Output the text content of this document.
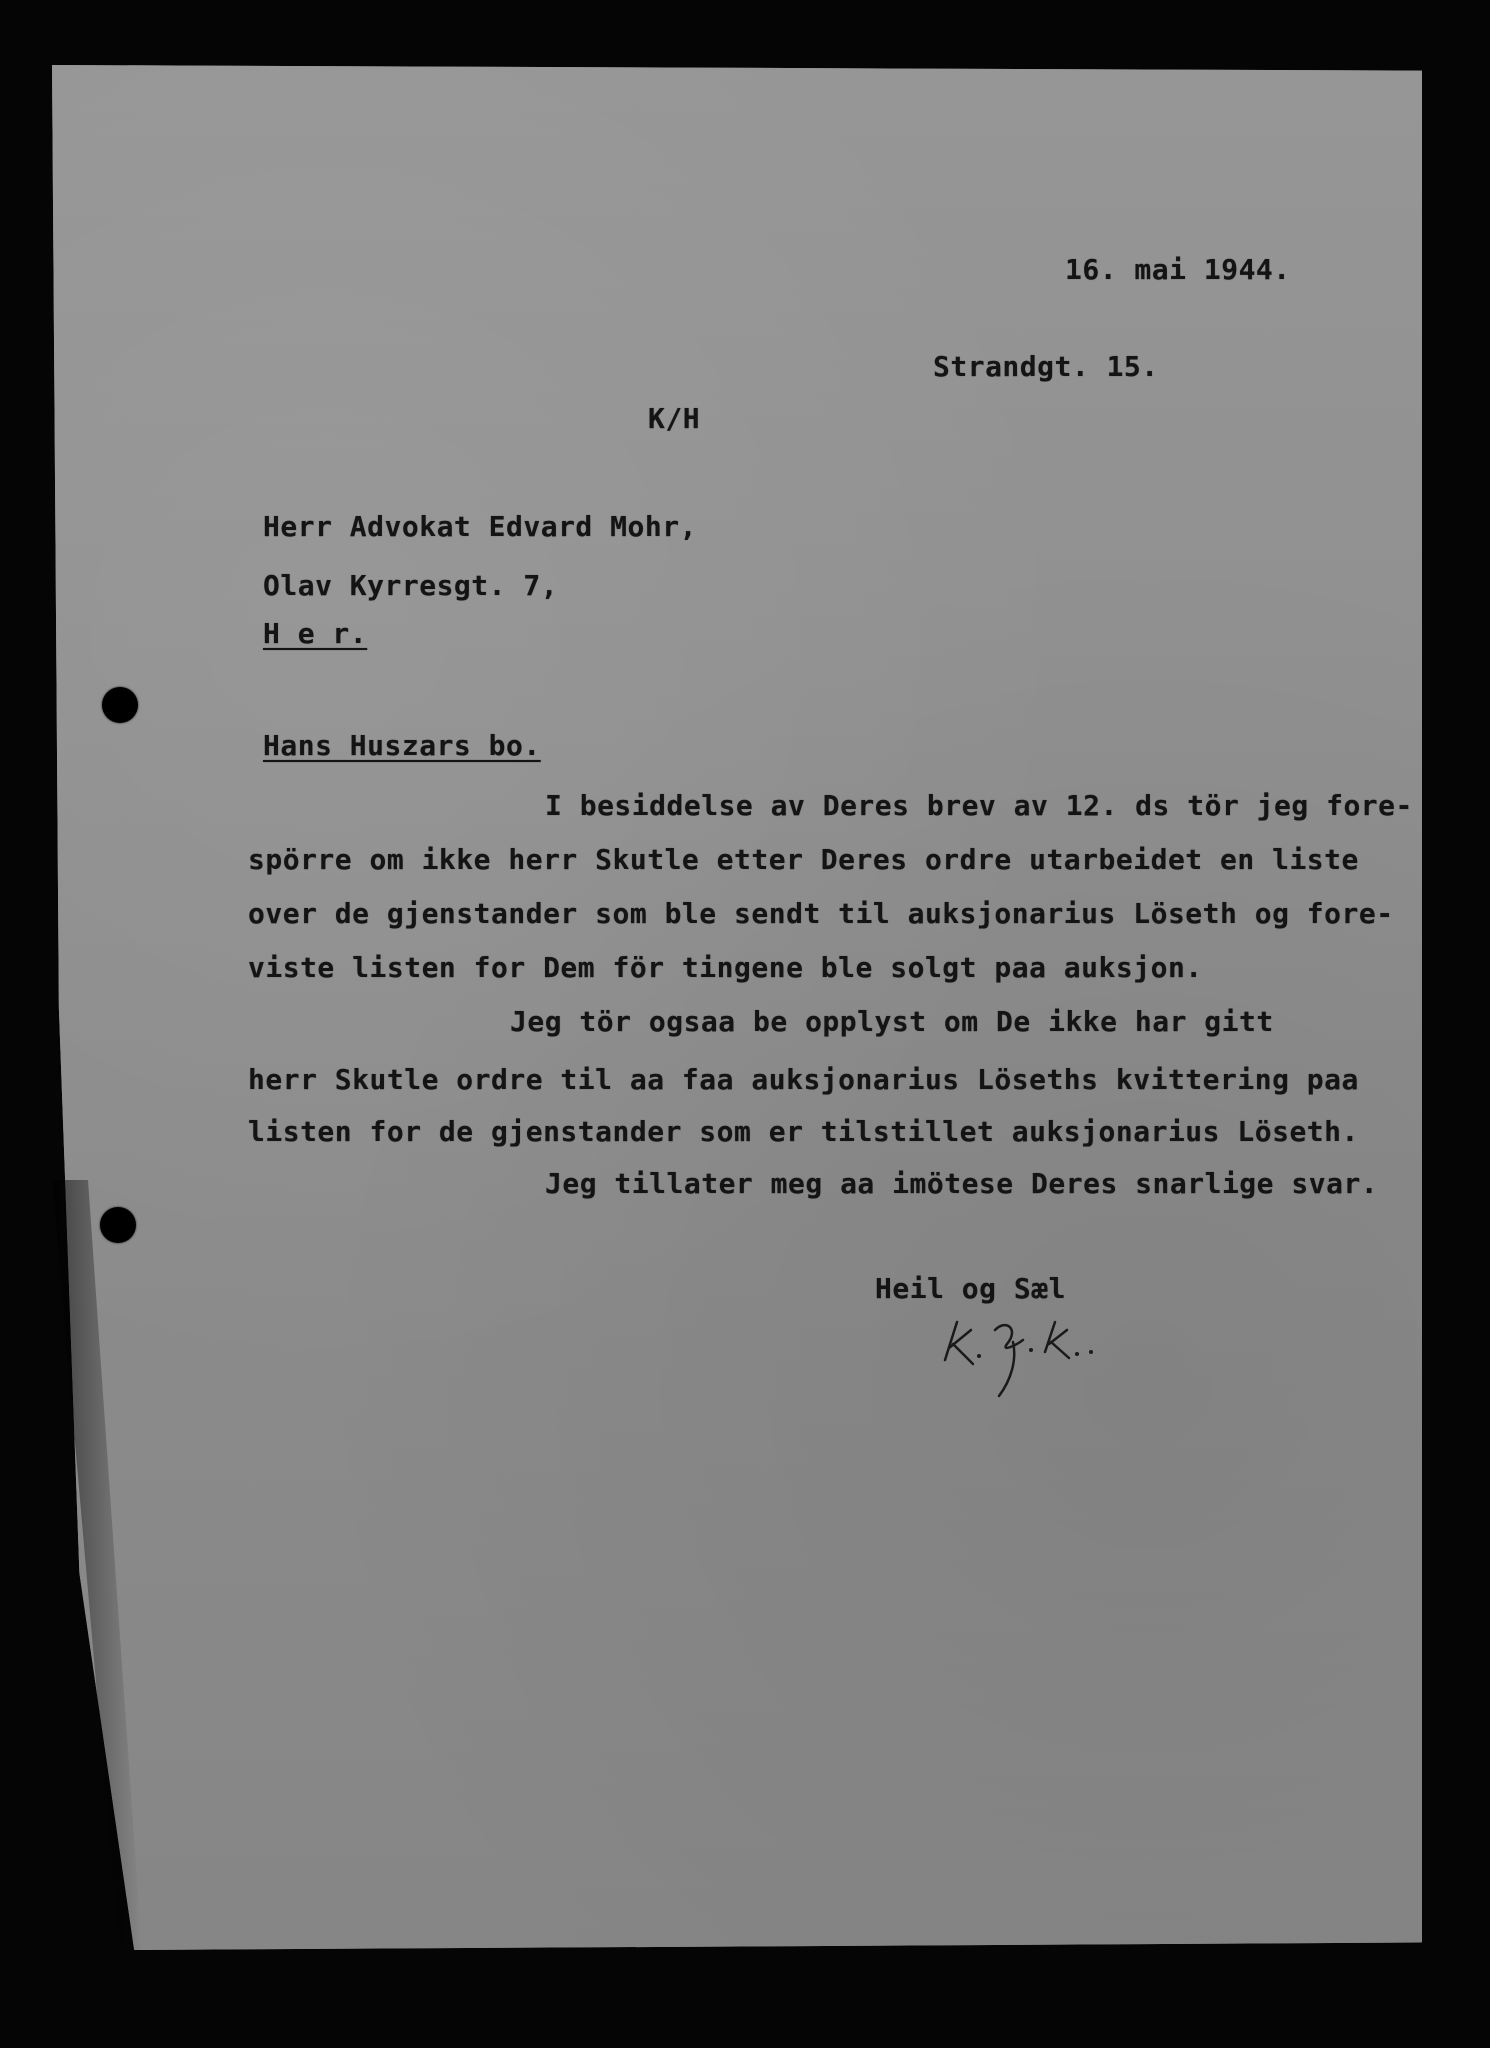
16. mai 1944.
Strandgt. 15.
K/H
Herr Advokat Edvard Mohr,
Olav Kyrresgt. 7,
H e r.
Hans Huszars bo.
I besiddelse av Deres brev av 12. ds tör jeg fore-
spörre om ikke herr Skutle etter Deres ordre utarbeidet en liste
over de gjenstander som ble sendt til auksjonarius Löseth og fore-
viste listen for Dem för tingene ble solgt paa auksjon.
Jeg tör ogsaa be opplyst om De ikke har gitt
herr Skutle ordre til aa faa auksjonarius Löseths kvittering paa
listen for de gjenstander som er tilstillet auksjonarius Löseth.
Jeg tillater meg aa imötese Deres snarlige svar.
Heil og Sæl
